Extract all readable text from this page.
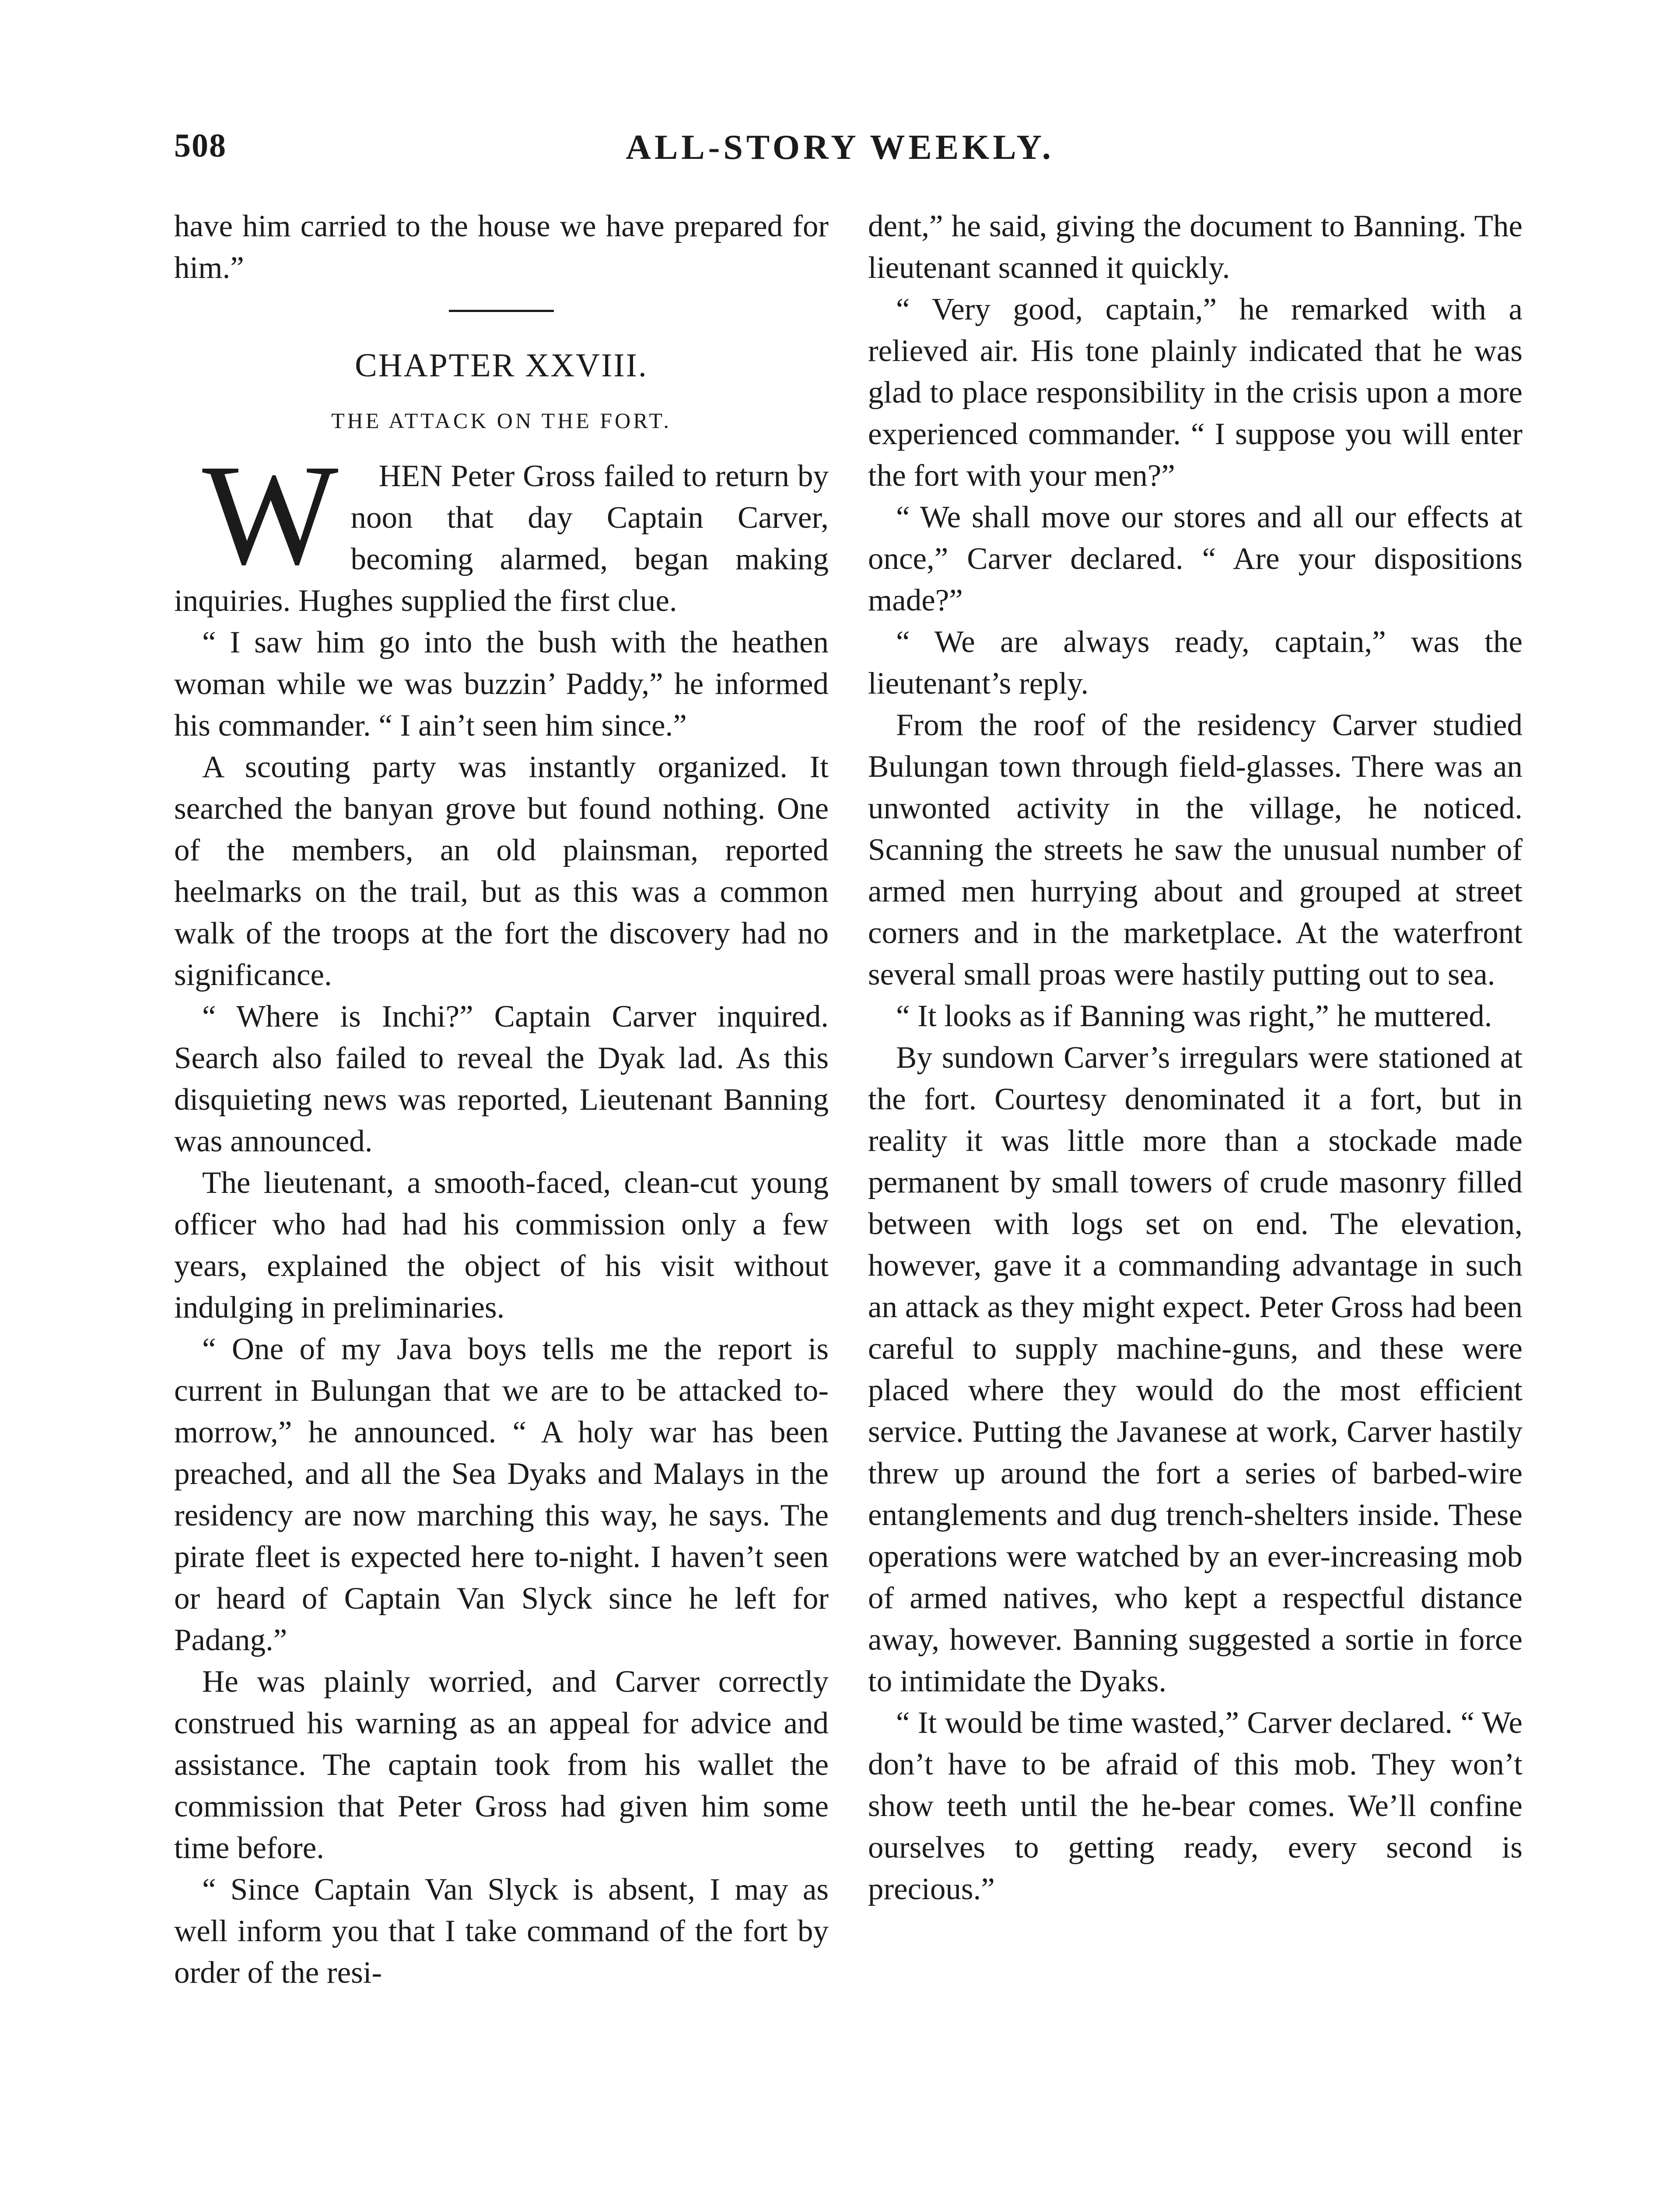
508	ALL-STORY WEEKLY.

have him carried to the house we have prepared for him.”

CHAPTER XXVIII.
THE ATTACK ON THE FORT.

W HEN Peter Gross failed to return by noon that day Captain Carver, becoming alarmed, began making inquiries. Hughes supplied the first clue.

“ I saw him go into the bush with the heathen woman while we was buzzin’ Paddy,” he informed his commander. “ I ain’t seen him since.”

A scouting party was instantly organized. It searched the banyan grove but found nothing. One of the members, an old plainsman, reported heelmarks on the trail, but as this was a common walk of the troops at the fort the discovery had no significance.

“ Where is Inchi?” Captain Carver inquired. Search also failed to reveal the Dyak lad. As this disquieting news was reported, Lieutenant Banning was announced.

The lieutenant, a smooth-faced, clean-cut young officer who had had his commission only a few years, explained the object of his visit without indulging in preliminaries.

“ One of my Java boys tells me the report is current in Bulungan that we are to be attacked to-morrow,” he announced. “ A holy war has been preached, and all the Sea Dyaks and Malays in the residency are now marching this way, he says. The pirate fleet is expected here to-night. I haven’t seen or heard of Captain Van Slyck since he left for Padang.”

He was plainly worried, and Carver correctly construed his warning as an appeal for advice and assistance. The captain took from his wallet the commission that Peter Gross had given him some time before.

“ Since Captain Van Slyck is absent, I may as well inform you that I take command of the fort by order of the resi-

dent,” he said, giving the document to Banning. The lieutenant scanned it quickly.

“ Very good, captain,” he remarked with a relieved air. His tone plainly indicated that he was glad to place responsibility in the crisis upon a more experienced commander. “ I suppose you will enter the fort with your men?”

“ We shall move our stores and all our effects at once,” Carver declared. “ Are your dispositions made?”

“ We are always ready, captain,” was the lieutenant’s reply.

From the roof of the residency Carver studied Bulungan town through field-glasses. There was an unwonted activity in the village, he noticed. Scanning the streets he saw the unusual number of armed men hurrying about and grouped at street corners and in the marketplace. At the waterfront several small proas were hastily putting out to sea.

“ It looks as if Banning was right,” he muttered.

By sundown Carver’s irregulars were stationed at the fort. Courtesy denominated it a fort, but in reality it was little more than a stockade made permanent by small towers of crude masonry filled between with logs set on end. The elevation, however, gave it a commanding advantage in such an attack as they might expect. Peter Gross had been careful to supply machine-guns, and these were placed where they would do the most efficient service. Putting the Javanese at work, Carver hastily threw up around the fort a series of barbed-wire entanglements and dug trench-shelters inside. These operations were watched by an ever-increasing mob of armed natives, who kept a respectful distance away, however. Banning suggested a sortie in force to intimidate the Dyaks.

“ It would be time wasted,” Carver declared. “ We don’t have to be afraid of this mob. They won’t show teeth until the he-bear comes. We’ll confine ourselves to getting ready, every second is precious.”
